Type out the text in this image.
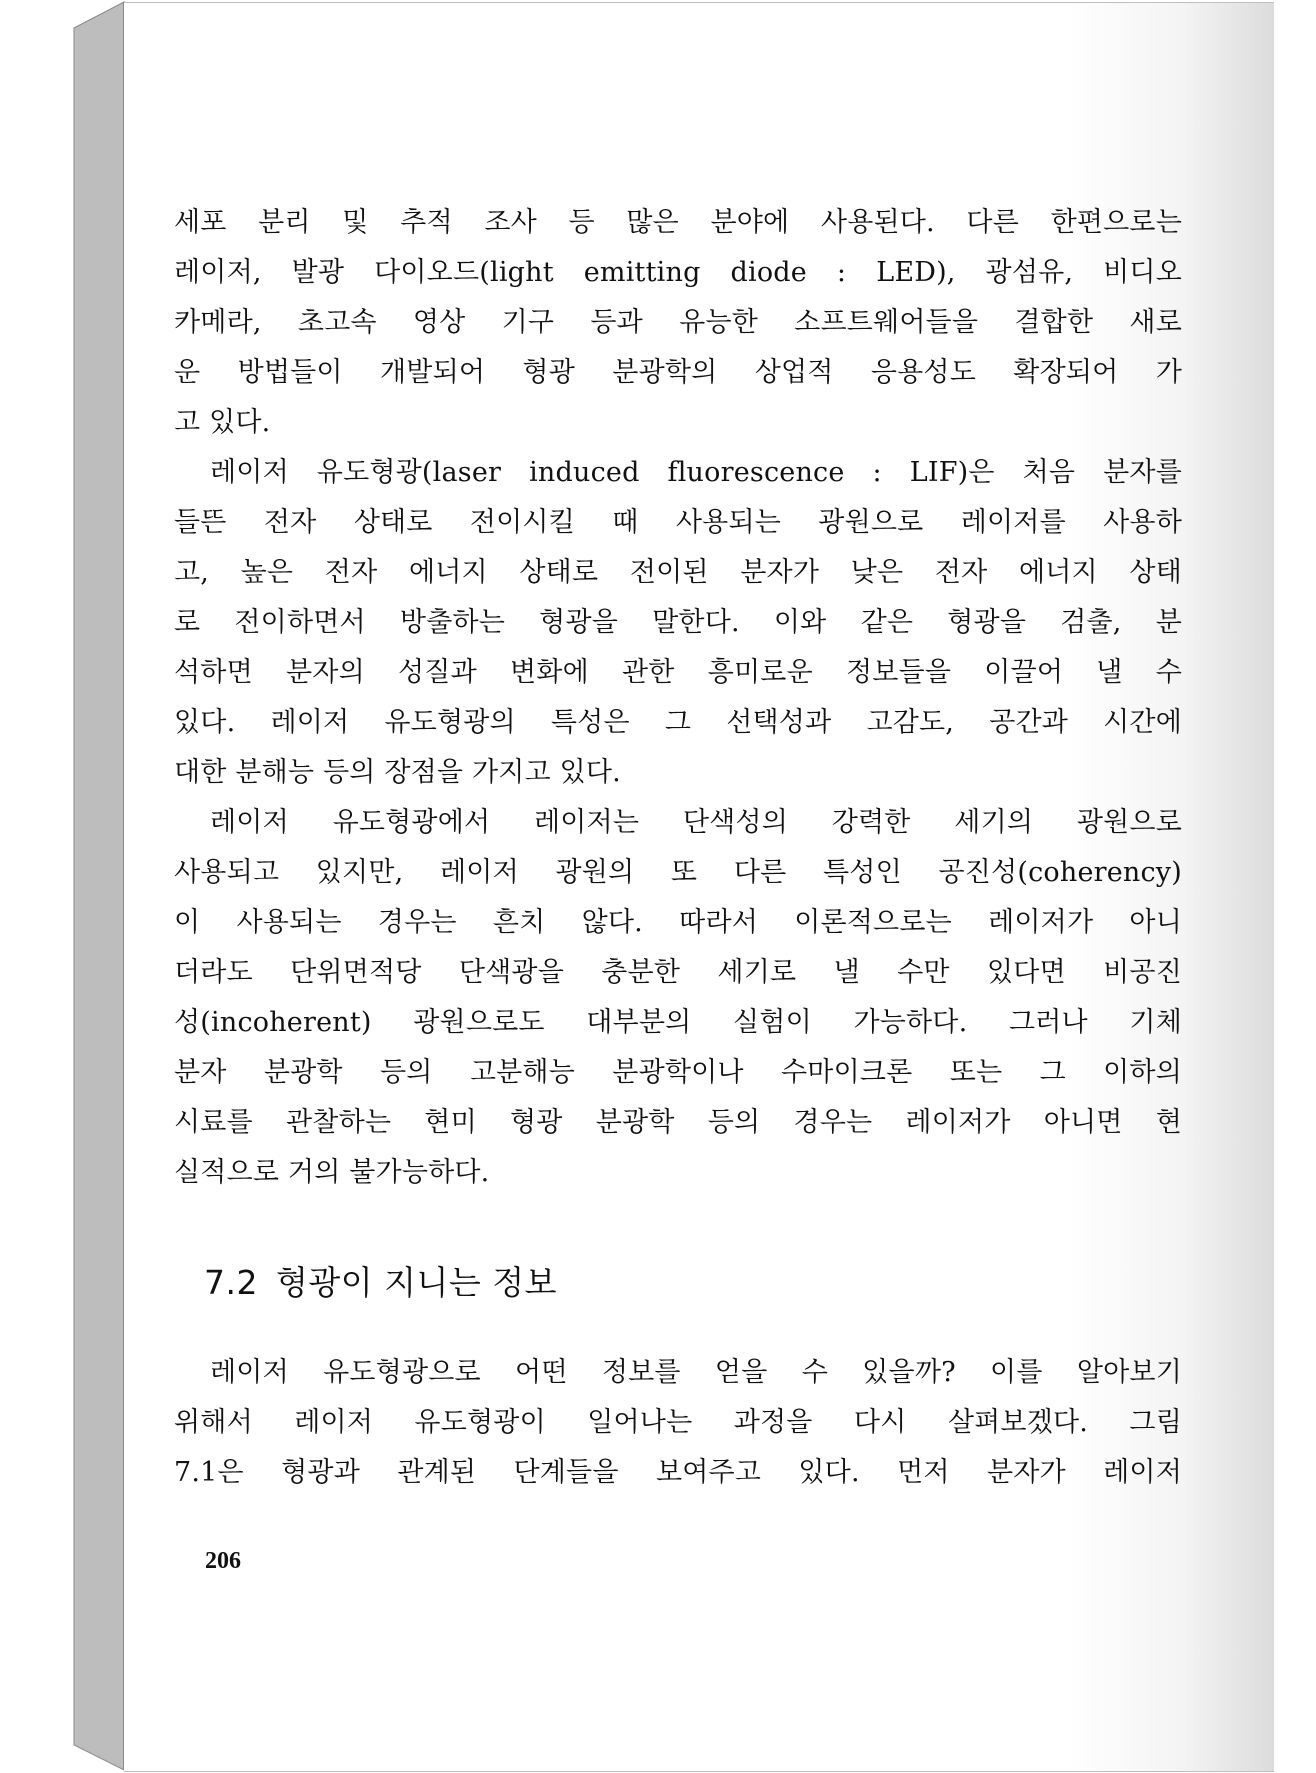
세포 분리 및 추적 조사 등 많은 분야에 사용된다. 다른 한편으로는
레이저, 발광 다이오드(light emitting diode : LED), 광섬유, 비디오
카메라, 초고속 영상 기구 등과 유능한 소프트웨어들을 결합한 새로
운 방법들이 개발되어 형광 분광학의 상업적 응용성도 확장되어 가
고 있다.
레이저 유도형광(laser induced fluorescence : LIF)은 처음 분자를
들뜬 전자 상태로 전이시킬 때 사용되는 광원으로 레이저를 사용하
고, 높은 전자 에너지 상태로 전이된 분자가 낮은 전자 에너지 상태
로 전이하면서 방출하는 형광을 말한다. 이와 같은 형광을 검출, 분
석하면 분자의 성질과 변화에 관한 흥미로운 정보들을 이끌어 낼 수
있다. 레이저 유도형광의 특성은 그 선택성과 고감도, 공간과 시간에
대한 분해능 등의 장점을 가지고 있다.
레이저 유도형광에서 레이저는 단색성의 강력한 세기의 광원으로
사용되고 있지만, 레이저 광원의 또 다른 특성인 공진성(coherency)
이 사용되는 경우는 흔치 않다. 따라서 이론적으로는 레이저가 아니
더라도 단위면적당 단색광을 충분한 세기로 낼 수만 있다면 비공진
성(incoherent) 광원으로도 대부분의 실험이 가능하다. 그러나 기체
분자 분광학 등의 고분해능 분광학이나 수마이크론 또는 그 이하의
시료를 관찰하는 현미 형광 분광학 등의 경우는 레이저가 아니면 현
실적으로 거의 불가능하다.
7.2 형광이 지니는 정보
레이저 유도형광으로 어떤 정보를 얻을 수 있을까? 이를 알아보기
위해서 레이저 유도형광이 일어나는 과정을 다시 살펴보겠다. 그림
7.1은 형광과 관계된 단계들을 보여주고 있다. 먼저 분자가 레이저
206
